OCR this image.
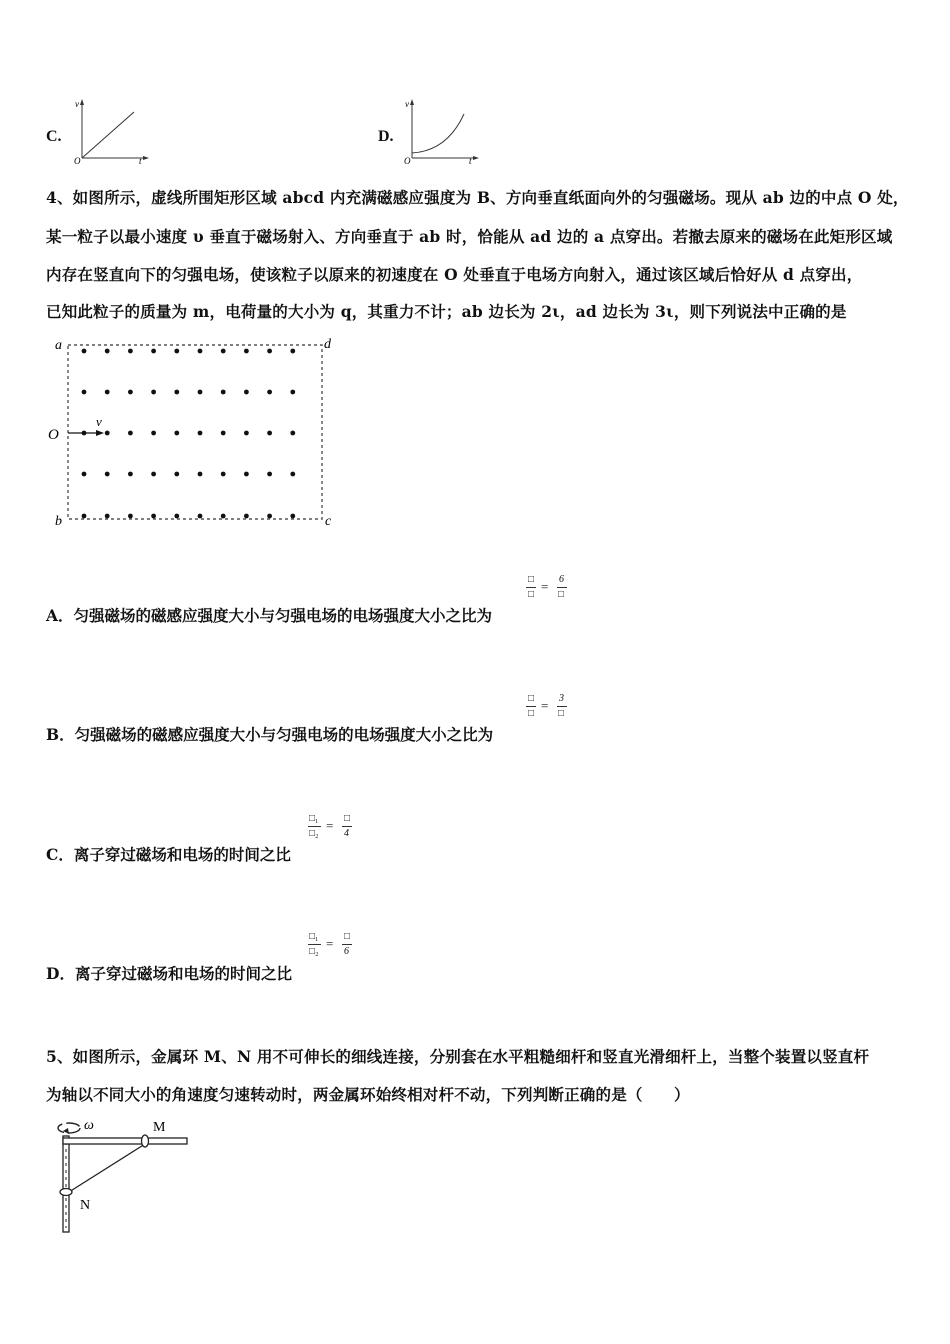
C.
v
t
O
D.
v
t
O
4、如图所示，虚线所围矩形区域 abcd 内充满磁感应强度为 B、方向垂直纸面向外的匀强磁场。现从 ab 边的中点 O 处，
某一粒子以最小速度 υ 垂直于磁场射入、方向垂直于 ab 时，恰能从 ad 边的 a 点穿出。若撤去原来的磁场在此矩形区域
内存在竖直向下的匀强电场，使该粒子以原来的初速度在 O 处垂直于电场方向射入，通过该区域后恰好从 d 点穿出，
已知此粒子的质量为 m，电荷量的大小为 q，其重力不计；ab 边长为 2ι，ad 边长为 3ι，则下列说法中正确的是
a	d
b	c
O
v
□
□
= 6
□
A．匀强磁场的磁感应强度大小与匀强电场的电场强度大小之比为
□
□
= 3
□
B．匀强磁场的磁感应强度大小与匀强电场的电场强度大小之比为
□₁
□₂
= □
4
C．离子穿过磁场和电场的时间之比
□₁
□₂
= □
6
D．离子穿过磁场和电场的时间之比
5、如图所示，金属环 M、N 用不可伸长的细线连接，分别套在水平粗糙细杆和竖直光滑细杆上，当整个装置以竖直杆
为轴以不同大小的角速度匀速转动时，两金属环始终相对杆不动，下列判断正确的是（　　）
ω	M
N
